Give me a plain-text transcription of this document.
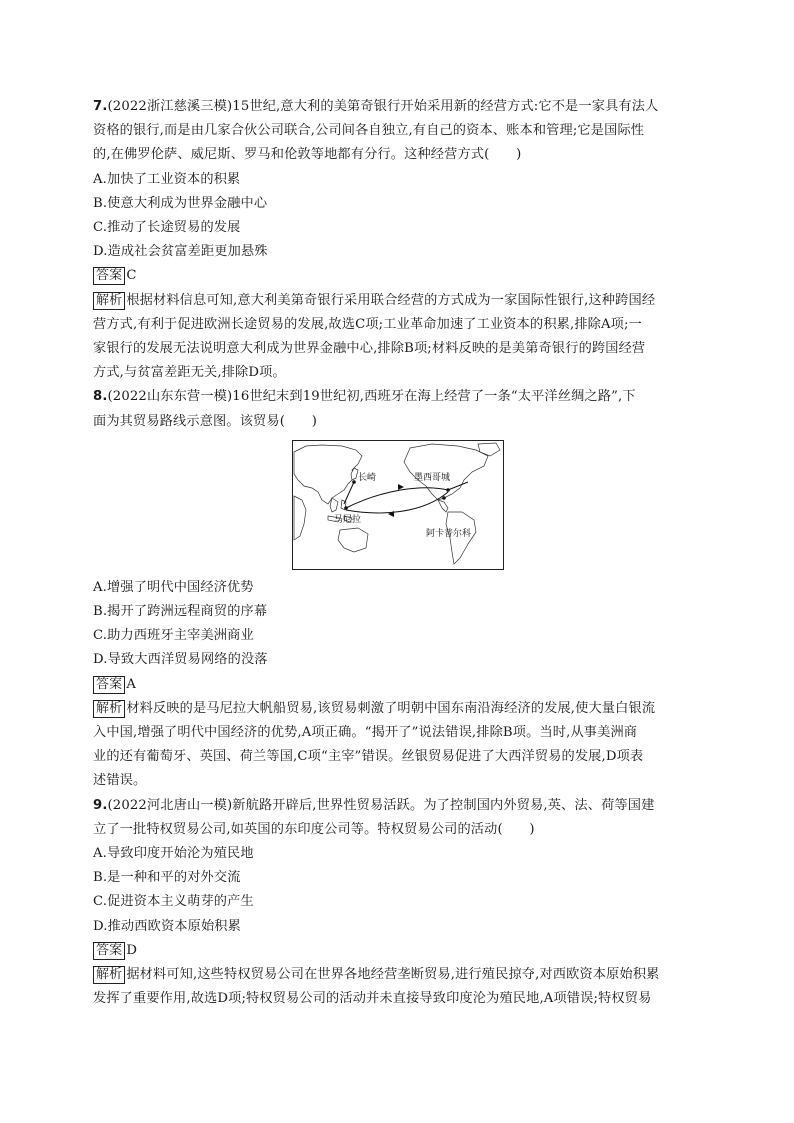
7.(2022浙江慈溪三模)15世纪,意大利的美第奇银行开始采用新的经营方式:它不是一家具有法人
资格的银行,而是由几家合伙公司联合,公司间各自独立,有自己的资本、账本和管理;它是国际性
的,在佛罗伦萨、威尼斯、罗马和伦敦等地都有分行。这种经营方式(　　)
A.加快了工业资本的积累
B.使意大利成为世界金融中心
C.推动了长途贸易的发展
D.造成社会贫富差距更加悬殊
答案 C
解析 根据材料信息可知,意大利美第奇银行采用联合经营的方式成为一家国际性银行,这种跨国经
营方式,有利于促进欧洲长途贸易的发展,故选C项;工业革命加速了工业资本的积累,排除A项;一
家银行的发展无法说明意大利成为世界金融中心,排除B项;材料反映的是美第奇银行的跨国经营
方式,与贫富差距无关,排除D项。
8.(2022山东东营一模)16世纪末到19世纪初,西班牙在海上经营了一条“太平洋丝绸之路”,下
面为其贸易路线示意图。该贸易(　　)
长崎	墨西哥城
马尼拉
阿卡普尔科
A.增强了明代中国经济优势
B.揭开了跨洲远程商贸的序幕
C.助力西班牙主宰美洲商业
D.导致大西洋贸易网络的没落
答案 A
解析 材料反映的是马尼拉大帆船贸易,该贸易刺激了明朝中国东南沿海经济的发展,使大量白银流
入中国,增强了明代中国经济的优势,A项正确。“揭开了”说法错误,排除B项。当时,从事美洲商
业的还有葡萄牙、英国、荷兰等国,C项“主宰”错误。丝银贸易促进了大西洋贸易的发展,D项表
述错误。
9.(2022河北唐山一模)新航路开辟后,世界性贸易活跃。为了控制国内外贸易,英、法、荷等国建
立了一批特权贸易公司,如英国的东印度公司等。特权贸易公司的活动(　　)
A.导致印度开始沦为殖民地
B.是一种和平的对外交流
C.促进资本主义萌芽的产生
D.推动西欧资本原始积累
答案 D
解析 据材料可知,这些特权贸易公司在世界各地经营垄断贸易,进行殖民掠夺,对西欧资本原始积累
发挥了重要作用,故选D项;特权贸易公司的活动并未直接导致印度沦为殖民地,A项错误;特权贸易
